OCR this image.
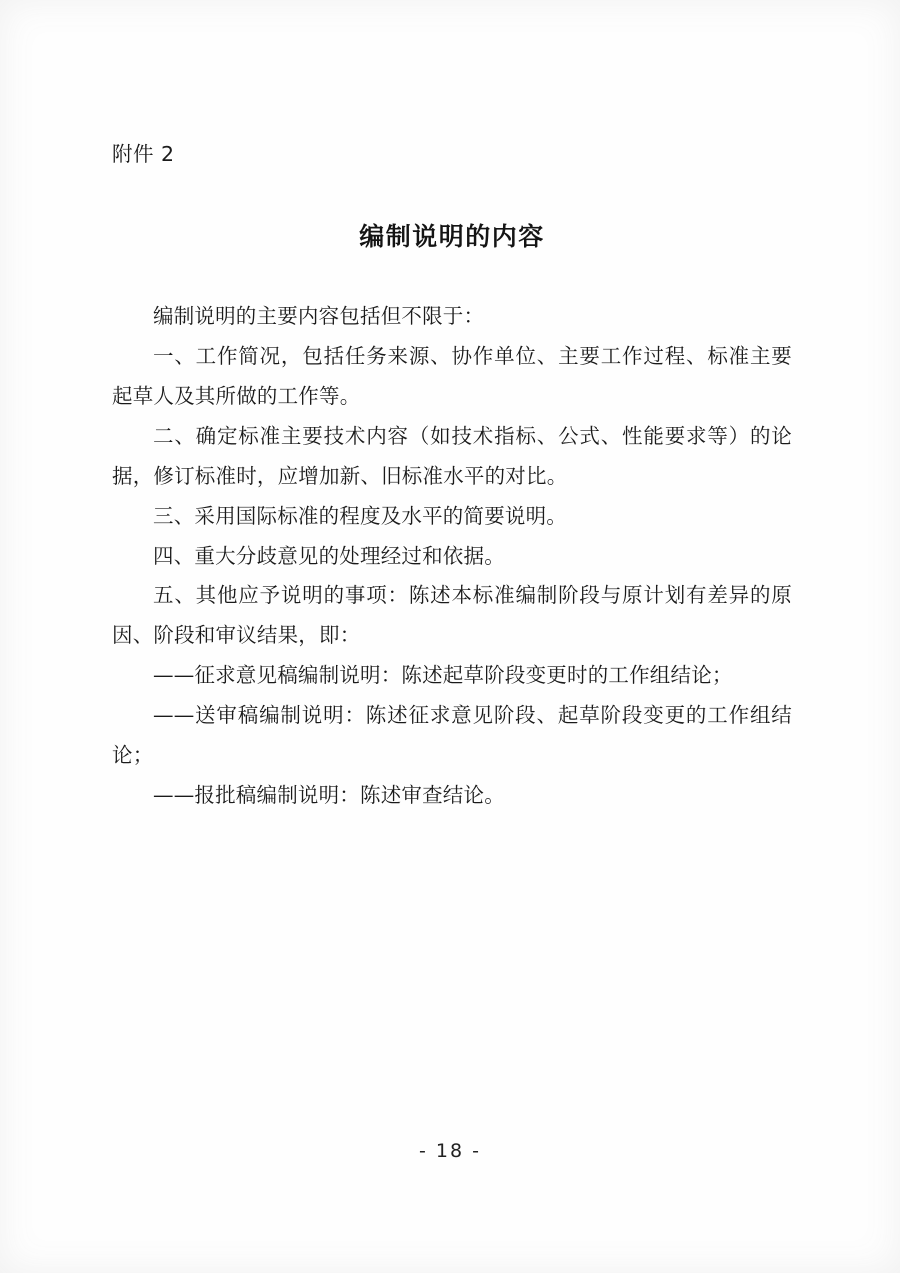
附件 2
编制说明的内容

编制说明的主要内容包括但不限于：

一、工作简况，包括任务来源、协作单位、主要工作过程、标准主要起草人及其所做的工作等。

二、确定标准主要技术内容（如技术指标、公式、性能要求等）的论据，修订标准时，应增加新、旧标准水平的对比。

三、采用国际标准的程度及水平的简要说明。

四、重大分歧意见的处理经过和依据。

五、其他应予说明的事项：陈述本标准编制阶段与原计划有差异的原因、阶段和审议结果，即：

——征求意见稿编制说明：陈述起草阶段变更时的工作组结论；

——送审稿编制说明：陈述征求意见阶段、起草阶段变更的工作组结论；

——报批稿编制说明：陈述审查结论。

- 18 -
